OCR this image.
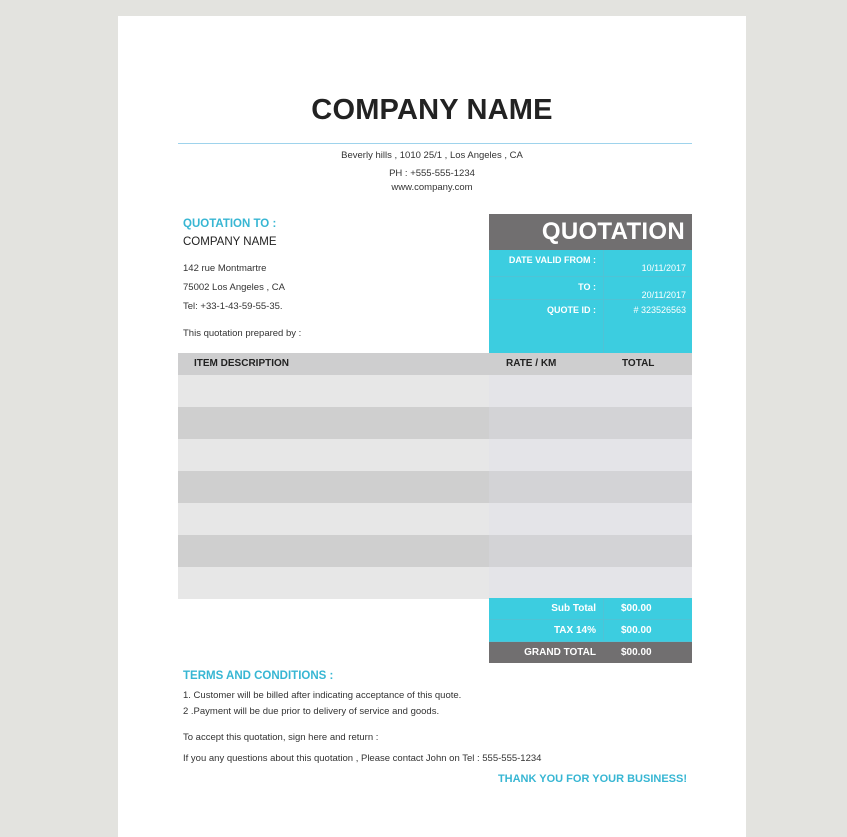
COMPANY NAME
Beverly hills , 1010 25/1 , Los Angeles , CA
PH : +555-555-1234
www.company.com
QUOTATION TO :
COMPANY NAME
142 rue Montmartre
75002 Los Angeles , CA
Tel: +33-1-43-59-55-35.
This quotation prepared by :
QUOTATION
DATE VALID FROM :
10/11/2017
TO :
20/11/2017
QUOTE ID :	# 323526563
ITEM DESCRIPTION	RATE / KM	TOTAL
Sub Total	$00.00
TAX 14%	$00.00
GRAND TOTAL	$00.00
TERMS AND CONDITIONS :
1. Customer will be billed after indicating acceptance of this quote.
2 .Payment will be due prior to delivery of service and goods.
To accept this quotation, sign here and return :
If you any questions about this quotation , Please contact John on Tel : 555-555-1234
THANK YOU FOR YOUR BUSINESS!
